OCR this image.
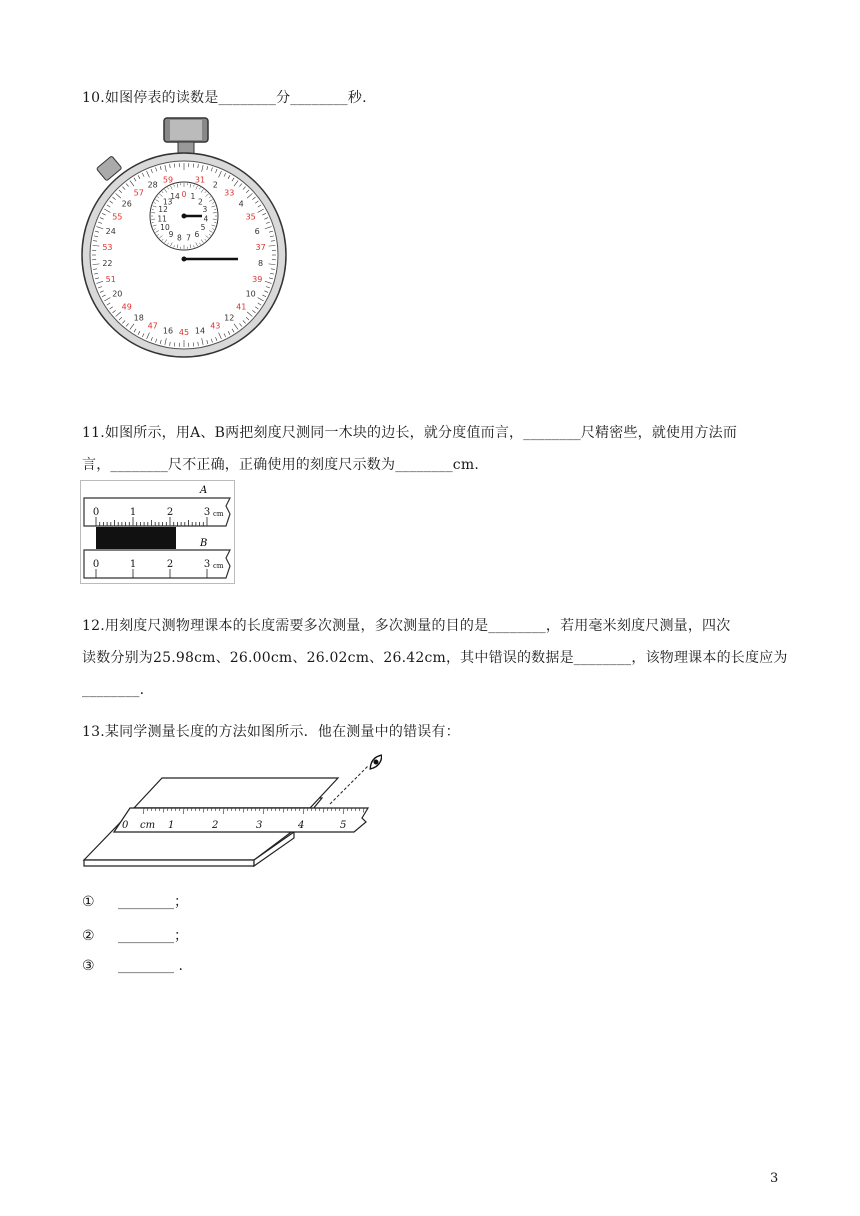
10.如图停表的读数是________分________秒.
31
2
33
4
35
6
37
8
39
10
41
12
43
14
59
28
57
26
55
24
53
22
51
20
49
18
47
16 45
0 1
2
3
4
5
6
7
8
9
10
11
12
13
14
11.如图所示，用A、B两把刻度尺测同一木块的边长，就分度值而言，________尺精密些，就使用方法而
言，________尺不正确，正确使用的刻度尺示数为________cm.
A
0	1	2	3 cm
B
0	1	2	3 cm
12.用刻度尺测物理课本的长度需要多次测量，多次测量的目的是________，若用毫米刻度尺测量，四次
读数分别为25.98cm、26.00cm、26.02cm、26.42cm，其中错误的数据是________，该物理课本的长度应为
________.
13.某同学测量长度的方法如图所示．他在测量中的错误有：
0 cm 1	2	3	4	5
① ________；
② ________；
③ ________ .
3
